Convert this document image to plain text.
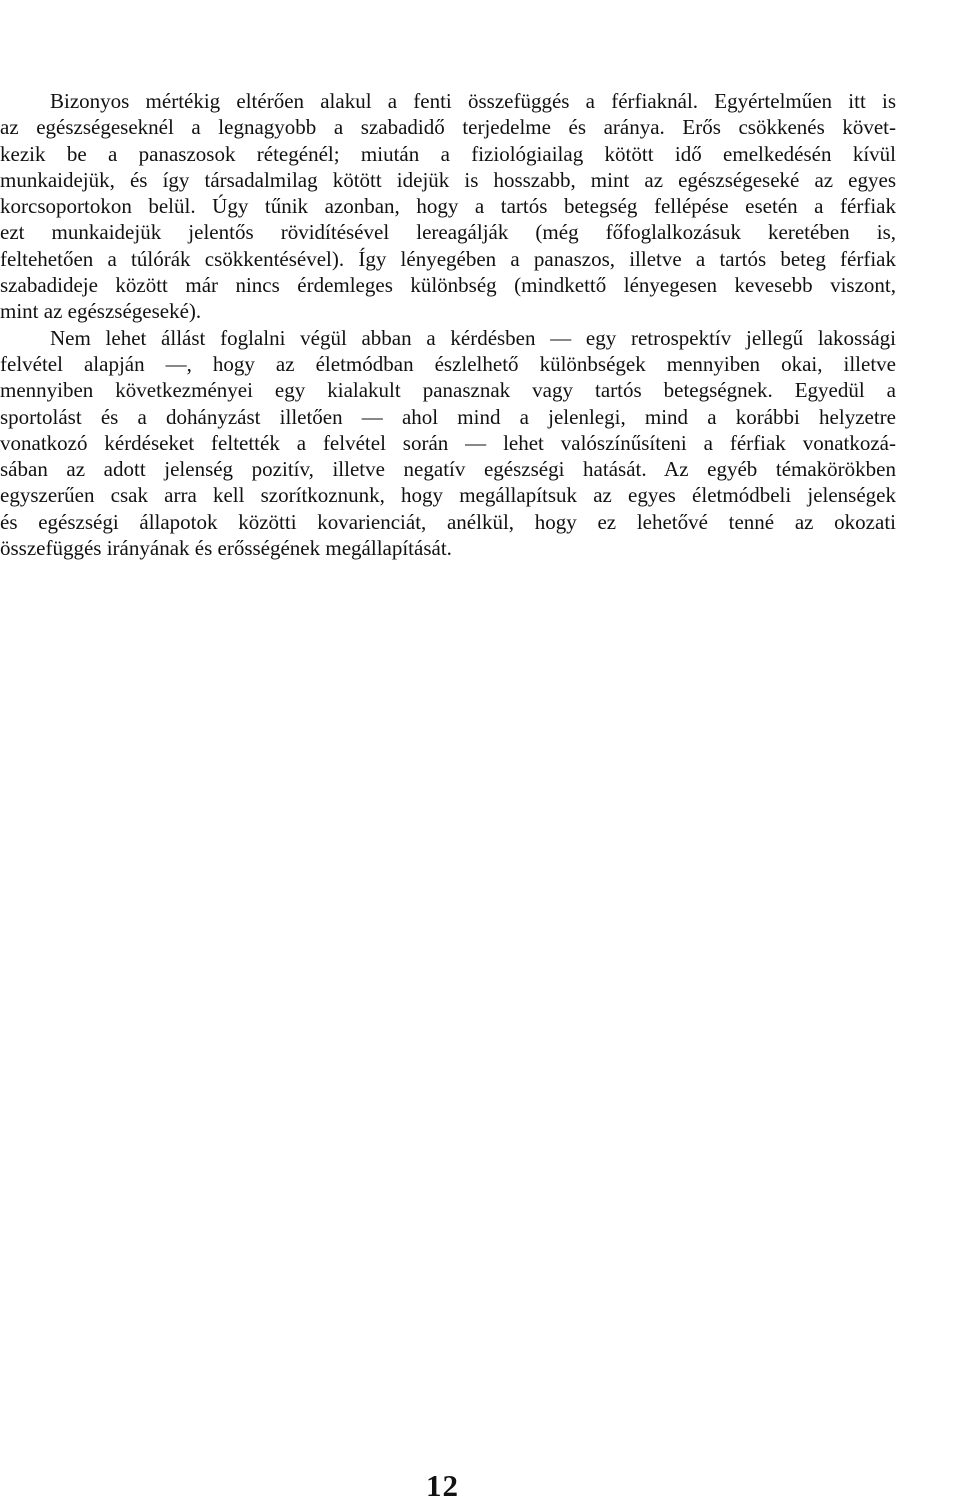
Bizonyos mértékig eltérően alakul a fenti összefüggés a férfiaknál. Egyértelműen itt is
az egészségeseknél a legnagyobb a szabadidő terjedelme és aránya. Erős csökkenés követ-
kezik be a panaszosok rétegénél; miután a fiziológiailag kötött idő emelkedésén kívül
munkaidejük, és így társadalmilag kötött idejük is hosszabb, mint az egészségeseké az egyes
korcsoportokon belül. Úgy tűnik azonban, hogy a tartós betegség fellépése esetén a férfiak
ezt munkaidejük jelentős rövidítésével lereagálják (még főfoglalkozásuk keretében is,
feltehetően a túlórák csökkentésével). Így lényegében a panaszos, illetve a tartós beteg férfiak
szabadideje között már nincs érdemleges különbség (mindkettő lényegesen kevesebb viszont,
mint az egészségeseké).
Nem lehet állást foglalni végül abban a kérdésben — egy retrospektív jellegű lakossági
felvétel alapján —, hogy az életmódban észlelhető különbségek mennyiben okai, illetve
mennyiben következményei egy kialakult panasznak vagy tartós betegségnek. Egyedül a
sportolást és a dohányzást illetően — ahol mind a jelenlegi, mind a korábbi helyzetre
vonatkozó kérdéseket feltették a felvétel során — lehet valószínűsíteni a férfiak vonatkozá-
sában az adott jelenség pozitív, illetve negatív egészségi hatását. Az egyéb témakörökben
egyszerűen csak arra kell szorítkoznunk, hogy megállapítsuk az egyes életmódbeli jelenségek
és egészségi állapotok közötti kovarienciát, anélkül, hogy ez lehetővé tenné az okozati
összefüggés irányának és erősségének megállapítását.
12
